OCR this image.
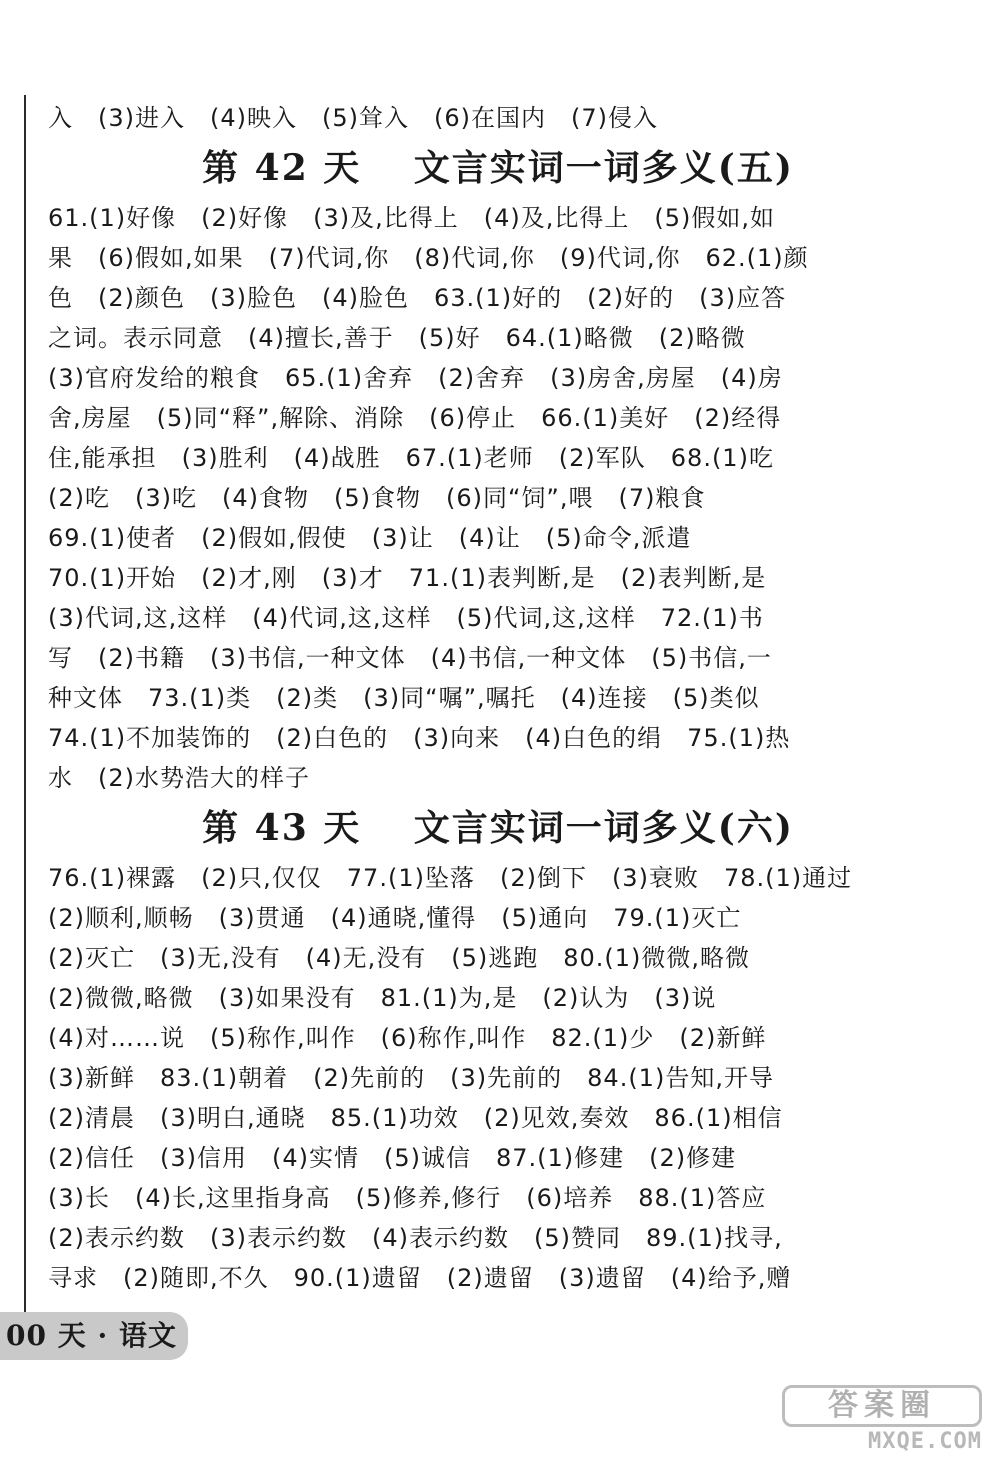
入　(3)进入　(4)映入　(5)耸入　(6)在国内　(7)侵入
第 42 天　 文言实词一词多义(五)
61.(1)好像　(2)好像　(3)及,比得上　(4)及,比得上　(5)假如,如
果　(6)假如,如果　(7)代词,你　(8)代词,你　(9)代词,你　62.(1)颜
色　(2)颜色　(3)脸色　(4)脸色　63.(1)好的　(2)好的　(3)应答
之词。表示同意　(4)擅长,善于　(5)好　64.(1)略微　(2)略微
(3)官府发给的粮食　65.(1)舍弃　(2)舍弃　(3)房舍,房屋　(4)房
舍,房屋　(5)同“释”,解除、消除　(6)停止　66.(1)美好　(2)经得
住,能承担　(3)胜利　(4)战胜　67.(1)老师　(2)军队　68.(1)吃
(2)吃　(3)吃　(4)食物　(5)食物　(6)同“饲”,喂　(7)粮食
69.(1)使者　(2)假如,假使　(3)让　(4)让　(5)命令,派遣
70.(1)开始　(2)才,刚　(3)才　71.(1)表判断,是　(2)表判断,是
(3)代词,这,这样　(4)代词,这,这样　(5)代词,这,这样　72.(1)书
写　(2)书籍　(3)书信,一种文体　(4)书信,一种文体　(5)书信,一
种文体　73.(1)类　(2)类　(3)同“嘱”,嘱托　(4)连接　(5)类似
74.(1)不加装饰的　(2)白色的　(3)向来　(4)白色的绢　75.(1)热
水　(2)水势浩大的样子
第 43 天　 文言实词一词多义(六)
76.(1)裸露　(2)只,仅仅　77.(1)坠落　(2)倒下　(3)衰败　78.(1)通过
(2)顺利,顺畅　(3)贯通　(4)通晓,懂得　(5)通向　79.(1)灭亡
(2)灭亡　(3)无,没有　(4)无,没有　(5)逃跑　80.(1)微微,略微
(2)微微,略微　(3)如果没有　81.(1)为,是　(2)认为　(3)说
(4)对……说　(5)称作,叫作　(6)称作,叫作　82.(1)少　(2)新鲜
(3)新鲜　83.(1)朝着　(2)先前的　(3)先前的　84.(1)告知,开导
(2)清晨　(3)明白,通晓　85.(1)功效　(2)见效,奏效　86.(1)相信
(2)信任　(3)信用　(4)实情　(5)诚信　87.(1)修建　(2)修建
(3)长　(4)长,这里指身高　(5)修养,修行　(6)培养　88.(1)答应
(2)表示约数　(3)表示约数　(4)表示约数　(5)赞同　89.(1)找寻,
寻求　(2)随即,不久　90.(1)遗留　(2)遗留　(3)遗留　(4)给予,赠
00 天 · 语文
答案圈
MXQE.COM
